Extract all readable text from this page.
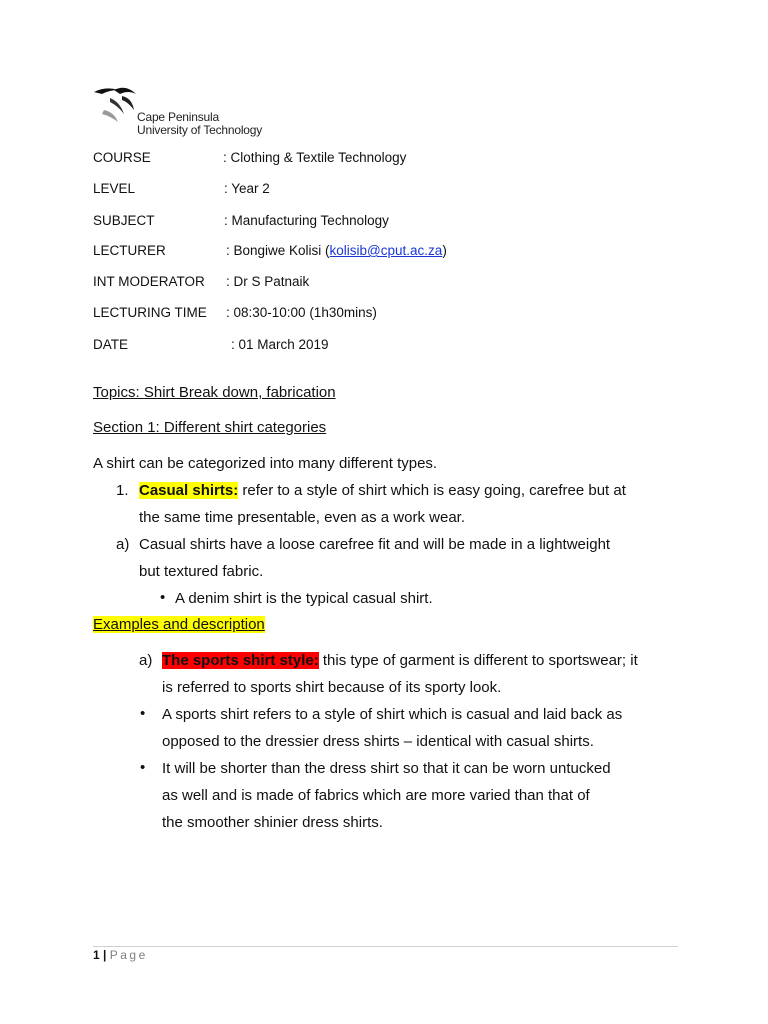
Cape Peninsula
University of Technology
COURSE	: Clothing & Textile Technology
LEVEL	: Year 2
SUBJECT	: Manufacturing Technology
LECTURER	: Bongiwe Kolisi (kolisib@cput.ac.za)
INT MODERATOR : Dr S Patnaik
LECTURING TIME : 08:30-10:00 (1h30mins)
DATE	: 01 March 2019
Topics: Shirt Break down, fabrication
Section 1: Different shirt categories
A shirt can be categorized into many different types.
1. Casual shirts: refer to a style of shirt which is easy going, carefree but at
the same time presentable, even as a work wear.
a) Casual shirts have a loose carefree fit and will be made in a lightweight
but textured fabric.
• A denim shirt is the typical casual shirt.
Examples and description
a) The sports shirt style: this type of garment is different to sportswear; it
is referred to sports shirt because of its sporty look.
• A sports shirt refers to a style of shirt which is casual and laid back as
opposed to the dressier dress shirts – identical with casual shirts.
• It will be shorter than the dress shirt so that it can be worn untucked
as well and is made of fabrics which are more varied than that of
the smoother shinier dress shirts.
1 | Page
